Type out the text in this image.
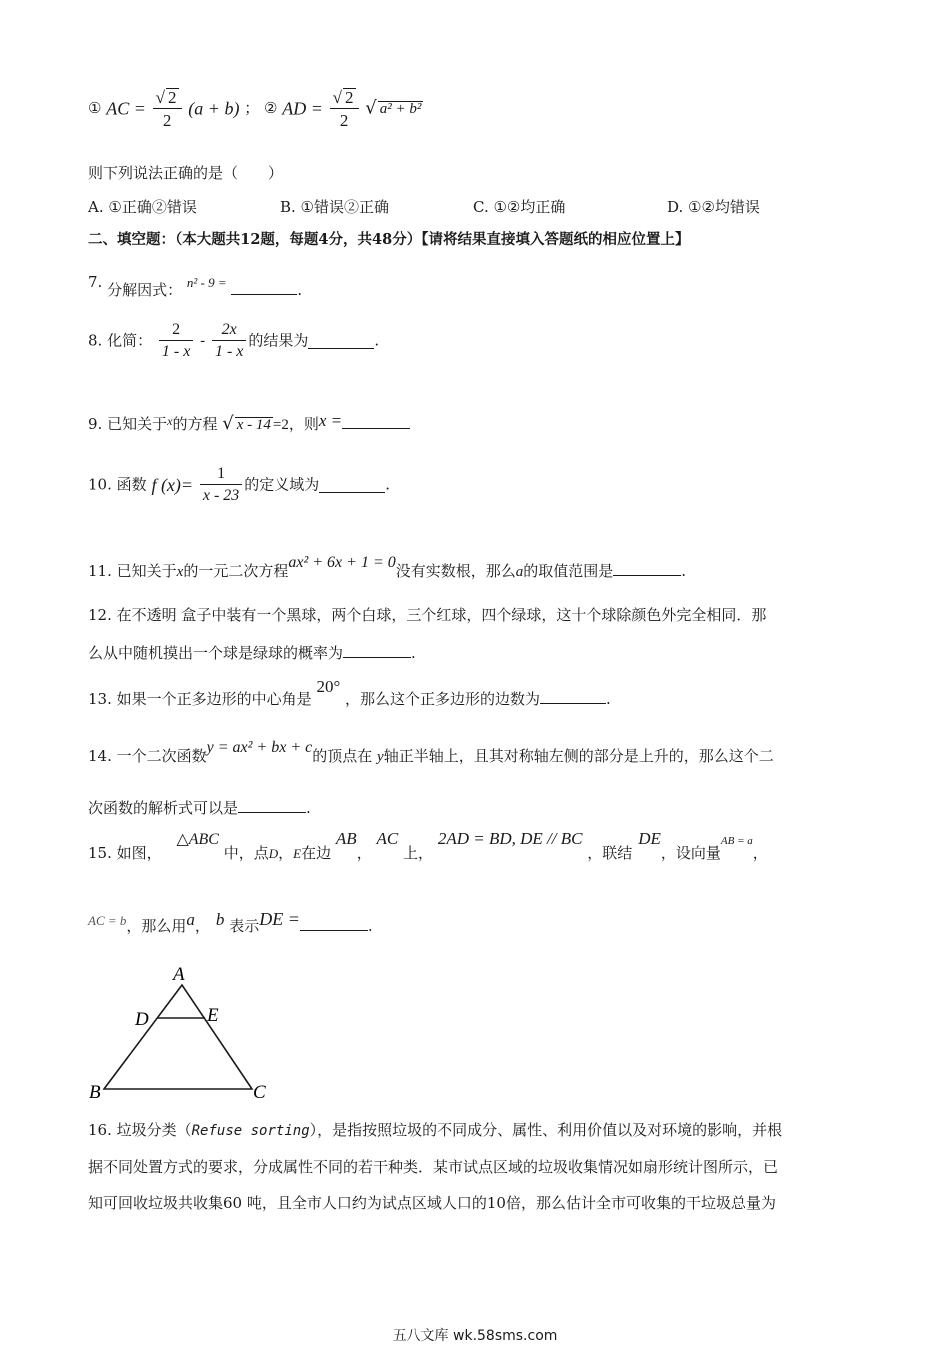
① AC = $\frac{√ 2}{2} (a + b)$ ； ② AD = $\frac{√ 2}{2}$ √ a² + b²
则下列说法正确的是（　　）
A. ①正确②错误	B. ①错误②正确	C. ①②均正确	D. ①②均错误
二、填空题：（本大题共12题，每题4分，共48分）【请将结果直接填入答题纸的相应位置上】
7. 分解因式： n² - 9 =	.
8. 化简： $\frac{2}{1 - x} - \frac{2x}{1 - x}$ 的结果为	.
9. 已知关于$^x$的方程 √ x - 14 =2，则x =
10. 函数 f $(x)= \frac{1}{x - 23}$ 的定义域为	.
11. 已知关于x的一元二次方程ax² + 6x + 1 = 0没有实数根，那么a的取值范围是	.
12. 在不透明 盒子中装有一个黑球，两个白球，三个红球，四个绿球，这十个球除颜色外完全相同．那
么从中随机摸出一个球是绿球的概率为	.
13. 如果一个正多边形的中心角是 20° ，那么这个正多边形的边数为	.
14. 一个二次函数y = ax² + bx + c的顶点在 y轴正半轴上，且其对称轴左侧的部分是上升的，那么这个二
次函数的解析式可以是	.
15. 如图， △ABC 中，点D，E在边 AB， AC 上， 2AD = BD, DE // BC ，联结DE，设向量AB = a，
AC = b，那么用a， b 表示DE =	.
A
D	E
B	C
16. 垃圾分类（Refuse sorting），是指按照垃圾的不同成分、属性、利用价值以及对环境的影响，并根
据不同处置方式的要求，分成属性不同的若干种类．某市试点区域的垃圾收集情况如扇形统计图所示，已
知可回收垃圾共收集60 吨，且全市人口约为试点区域人口的10倍，那么估计全市可收集的干垃圾总量为
五八文库 wk.58sms.com
